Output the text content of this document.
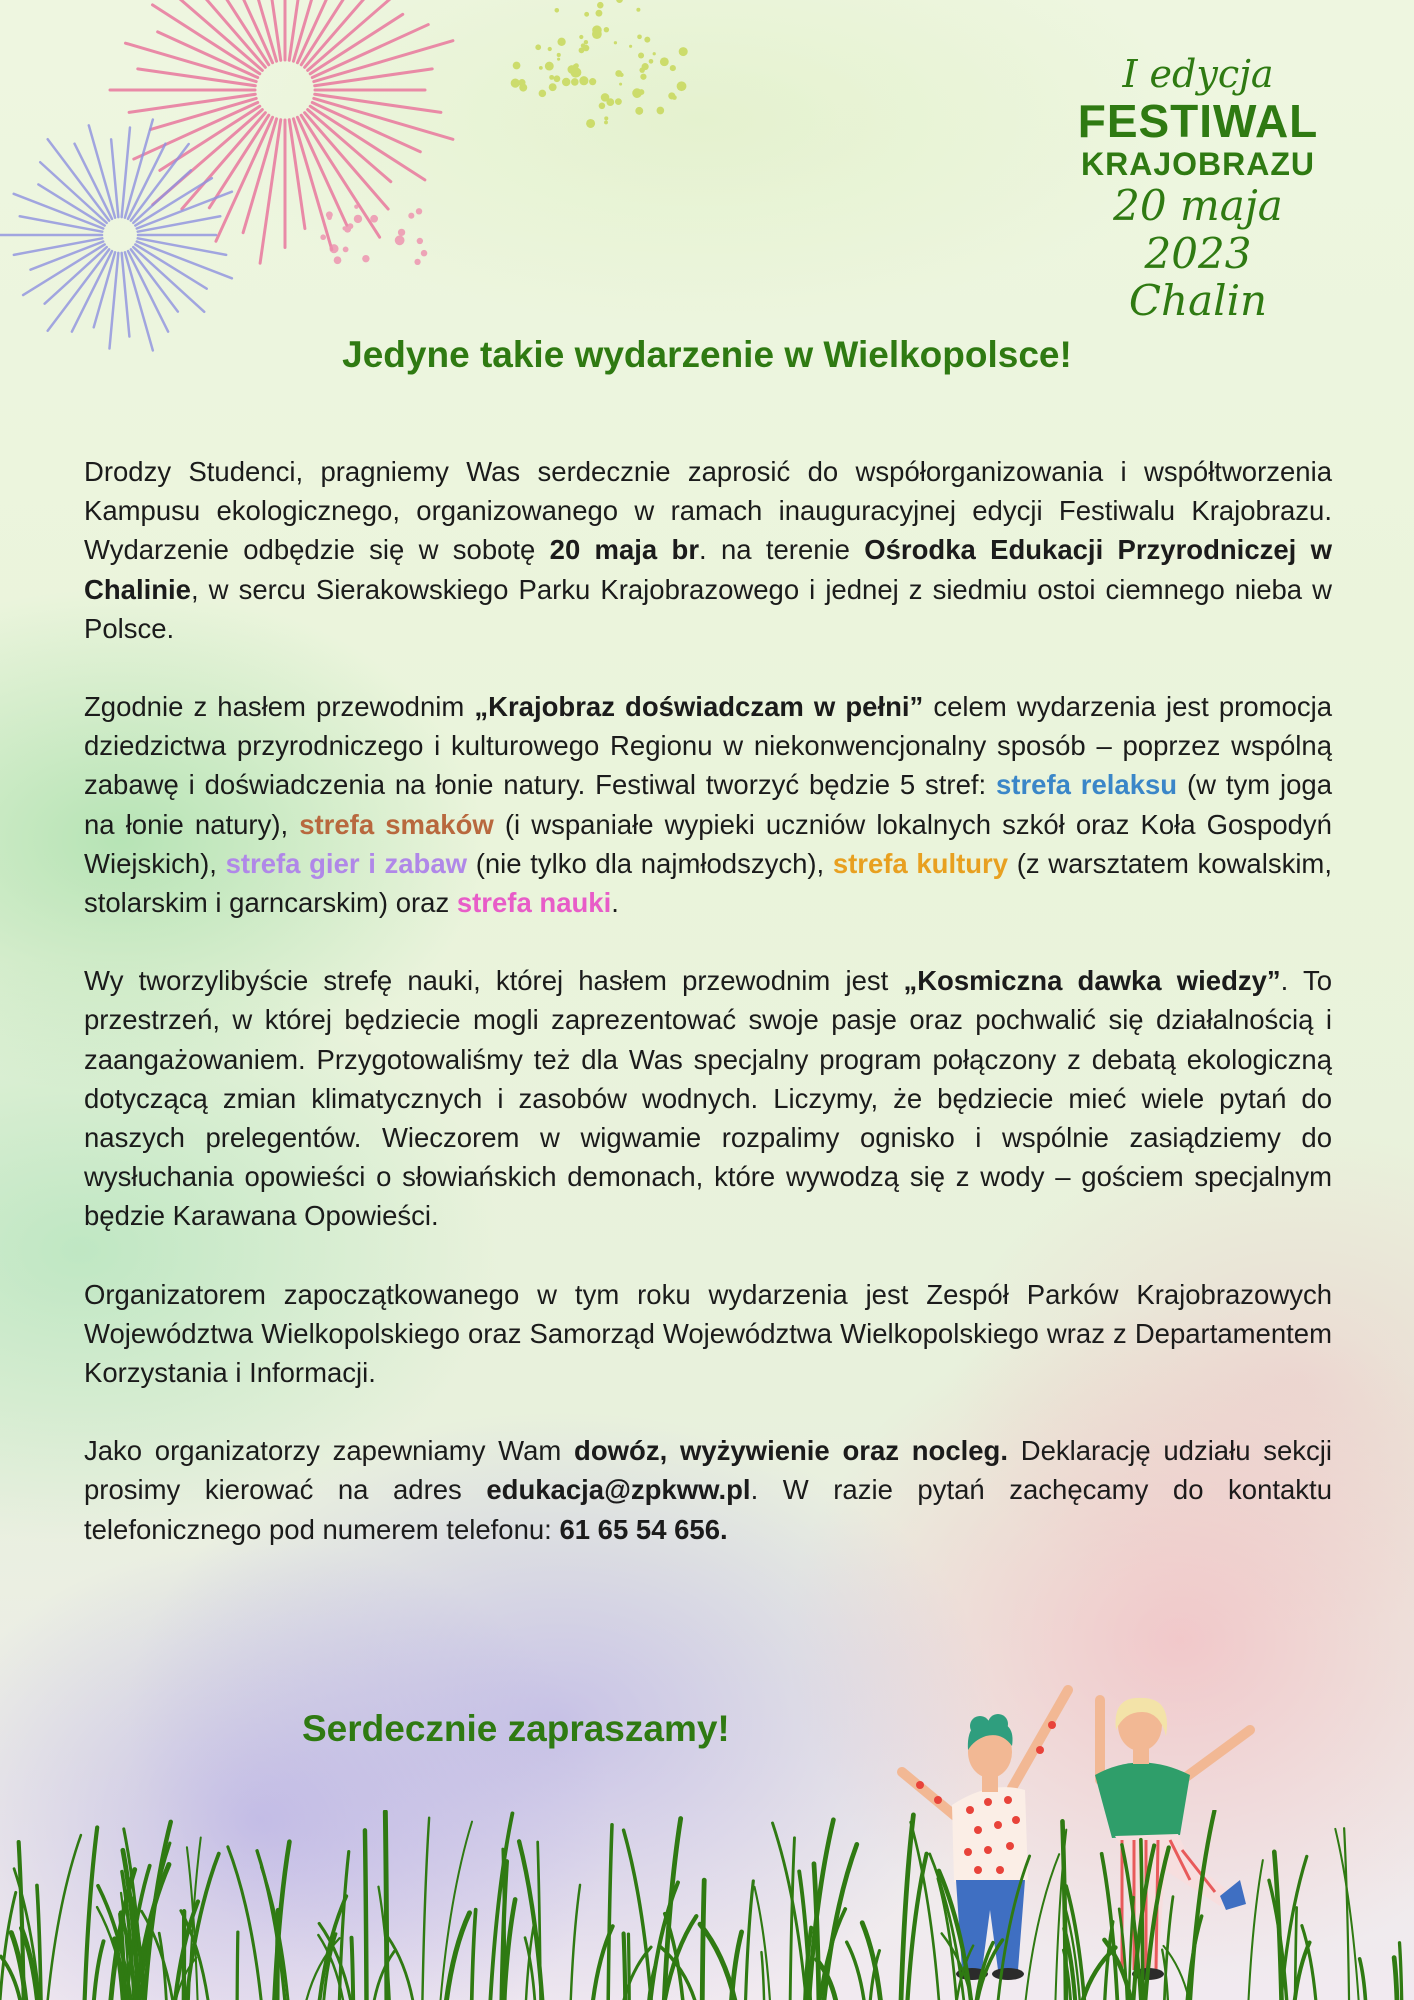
I edycja
FESTIWAL
KRAJOBRAZU
20 maja 2023
Chalin
Jedyne takie wydarzenie w Wielkopolsce!

Drodzy Studenci, pragniemy Was serdecznie zaprosić do współorganizowania i współtworzenia Kampusu ekologicznego, organizowanego w ramach inauguracyjnej edycji Festiwalu Krajobrazu. Wydarzenie odbędzie się w sobotę 20 maja br. na terenie Ośrodka Edukacji Przyrodniczej w Chalinie, w sercu Sierakowskiego Parku Krajobrazowego i jednej z siedmiu ostoi ciemnego nieba w Polsce.

Zgodnie z hasłem przewodnim „Krajobraz doświadczam w pełni” celem wydarzenia jest promocja dziedzictwa przyrodniczego i kulturowego Regionu w niekonwencjonalny sposób – poprzez wspólną zabawę i doświadczenia na łonie natury. Festiwal tworzyć będzie 5 stref: strefa relaksu (w tym joga na łonie natury), strefa smaków (i wspaniałe wypieki uczniów lokalnych szkół oraz Koła Gospodyń Wiejskich), strefa gier i zabaw (nie tylko dla najmłodszych), strefa kultury (z warsztatem kowalskim, stolarskim i garncarskim) oraz strefa nauki.

Wy tworzylibyście strefę nauki, której hasłem przewodnim jest „Kosmiczna dawka wiedzy”. To przestrzeń, w której będziecie mogli zaprezentować swoje pasje oraz pochwalić się działalnością i zaangażowaniem. Przygotowaliśmy też dla Was specjalny program połączony z debatą ekologiczną dotyczącą zmian klimatycznych i zasobów wodnych. Liczymy, że będziecie mieć wiele pytań do naszych prelegentów. Wieczorem w wigwamie rozpalimy ognisko i wspólnie zasiądziemy do wysłuchania opowieści o słowiańskich demonach, które wywodzą się z wody – gościem specjalnym będzie Karawana Opowieści.

Organizatorem zapoczątkowanego w tym roku wydarzenia jest Zespół Parków Krajobrazowych Województwa Wielkopolskiego oraz Samorząd Województwa Wielkopolskiego wraz z Departamentem Korzystania i Informacji.

Jako organizatorzy zapewniamy Wam dowóz, wyżywienie oraz nocleg. Deklarację udziału sekcji prosimy kierować na adres edukacja@zpkww.pl. W razie pytań zachęcamy do kontaktu telefonicznego pod numerem telefonu: 61 65 54 656.

Serdecznie zapraszamy!
